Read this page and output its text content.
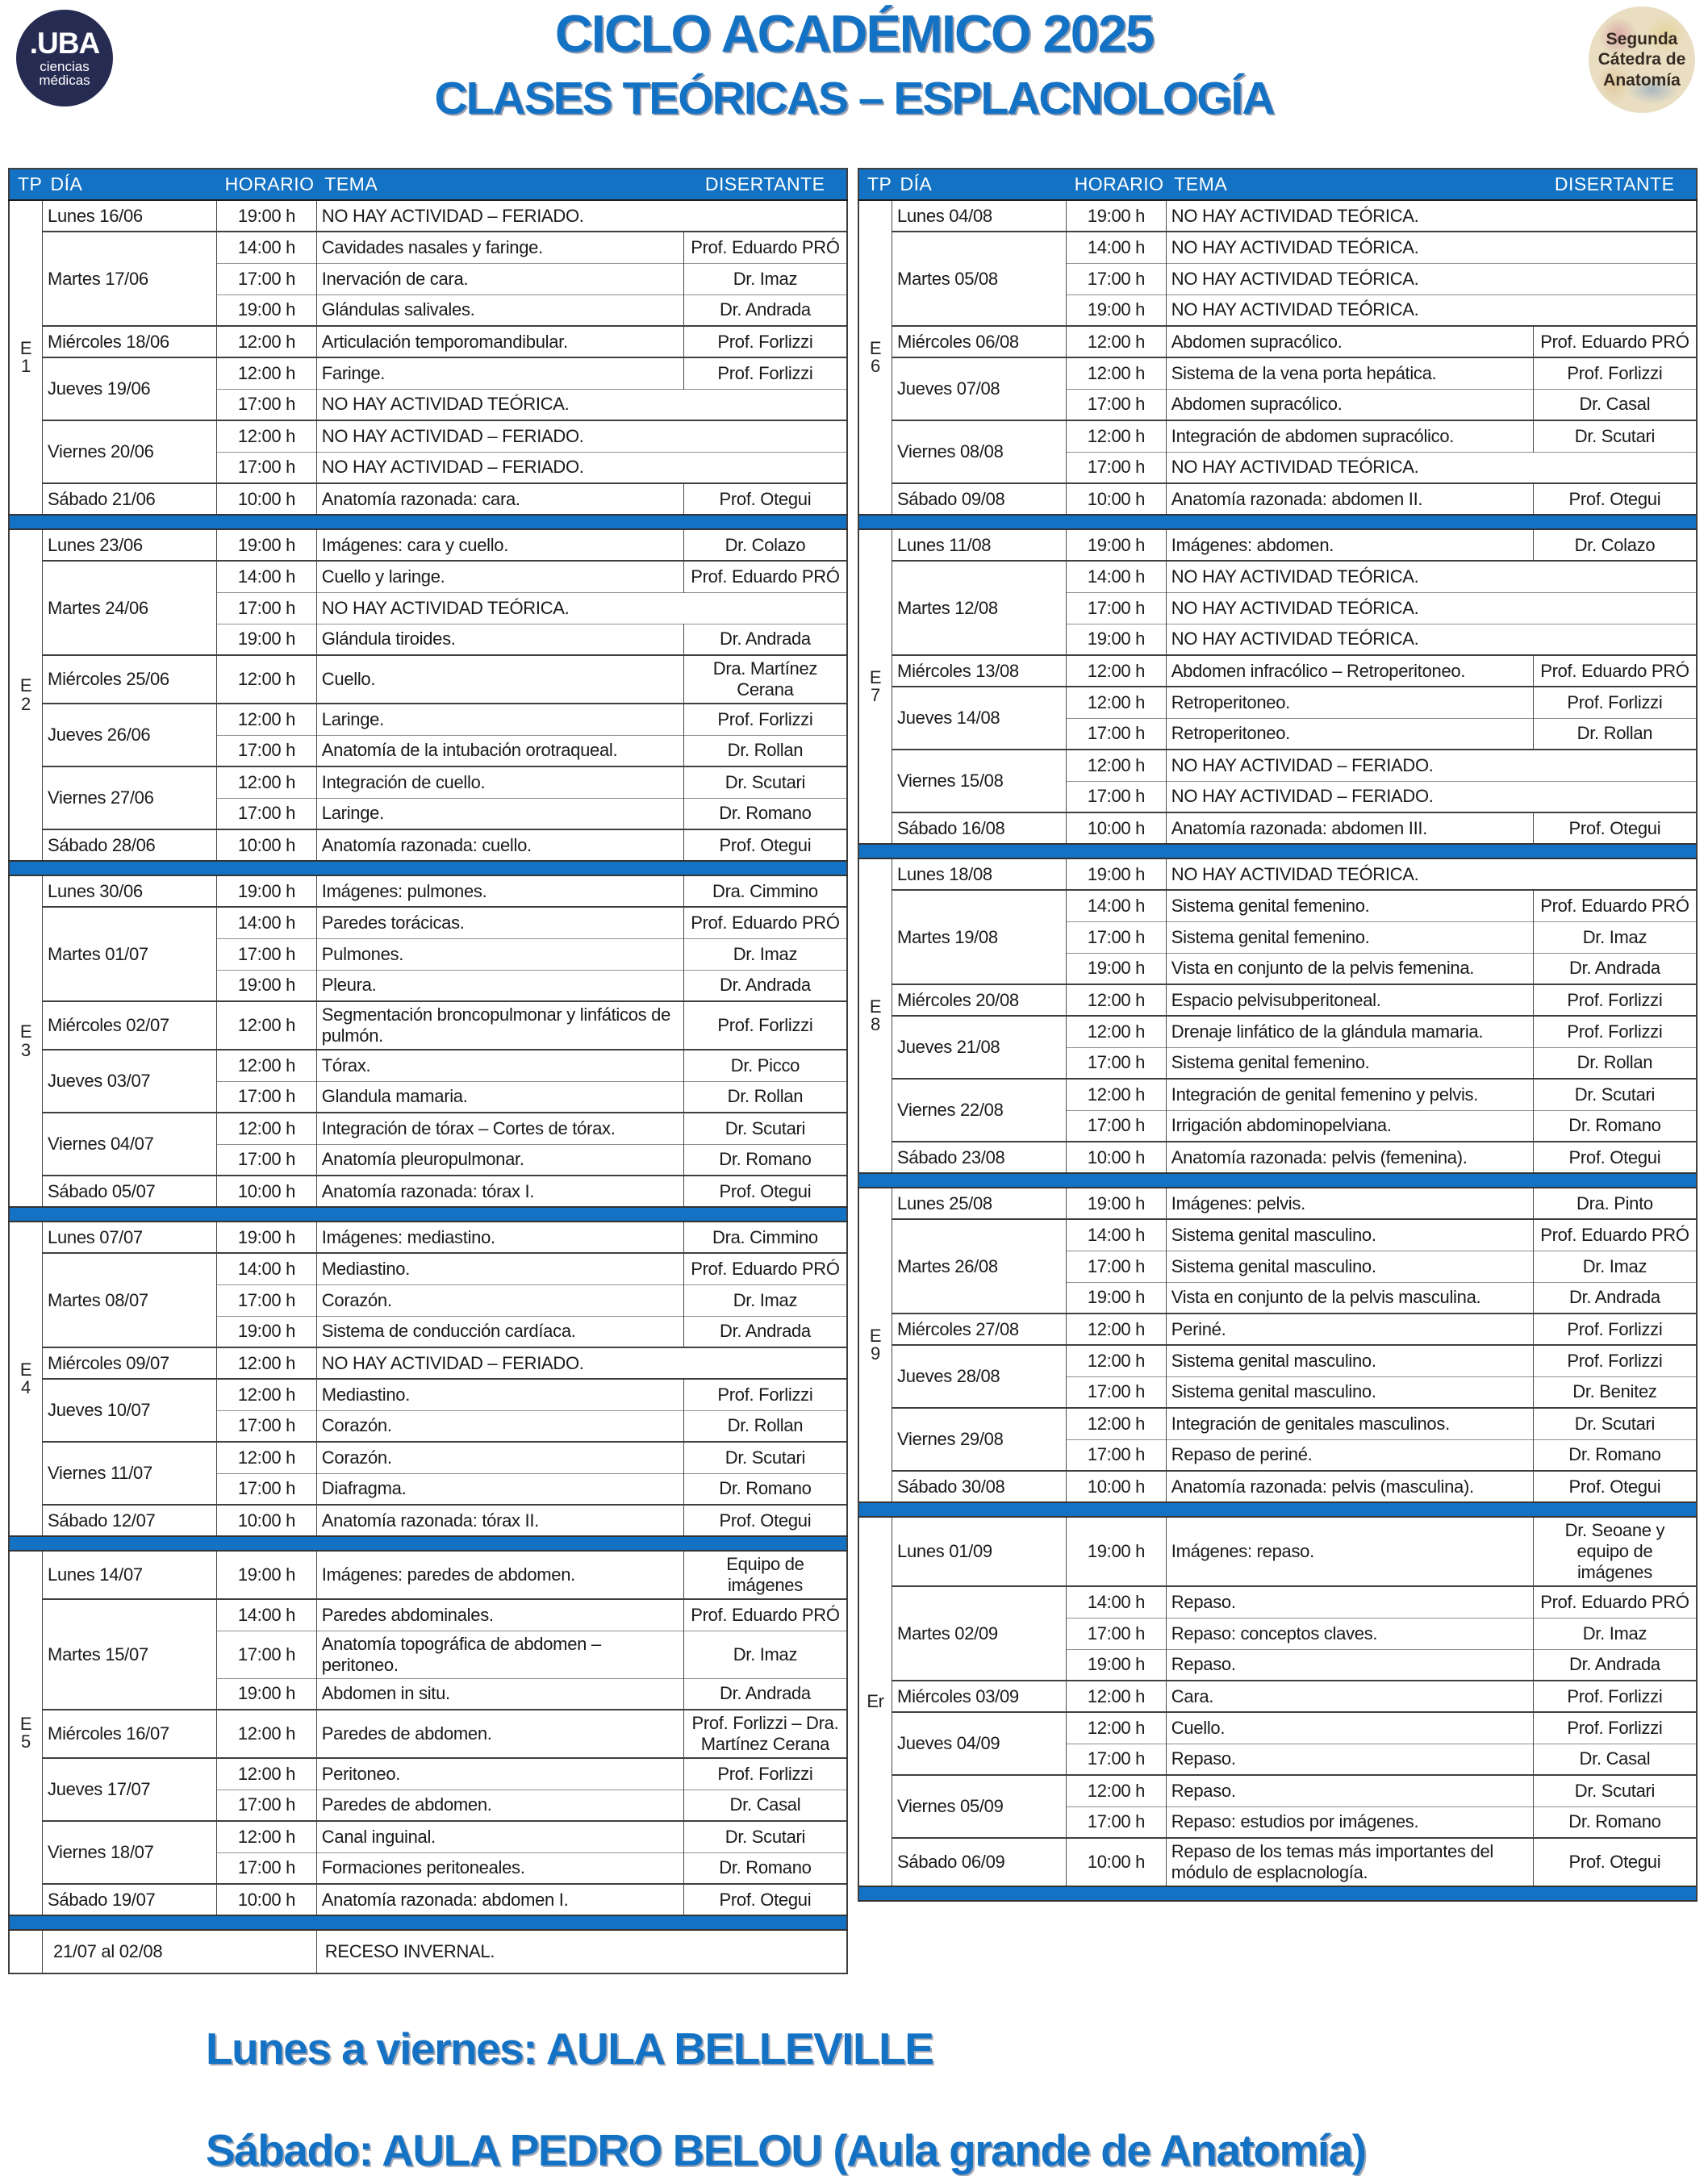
.UBA
ciencias
médicas
CICLO ACADÉMICO 2025
CLASES TEÓRICAS – ESPLACNOLOGÍA
Segunda
Cátedra de
Anatomía
TP	DÍA	HORARIO	TEMA	DISERTANTE

E
1	Lunes 16/06	19:00 h	NO HAY ACTIVIDAD – FERIADO.	
	Martes 17/06	14:00 h	Cavidades nasales y faringe.	Prof. Eduardo PRÓ
		17:00 h	Inervación de cara.	Dr. Imaz
		19:00 h	Glándulas salivales.	Dr. Andrada
	Miércoles 18/06	12:00 h	Articulación temporomandibular.	Prof. Forlizzi
	Jueves 19/06	12:00 h	Faringe.	Prof. Forlizzi
		17:00 h	NO HAY ACTIVIDAD TEÓRICA.	
	Viernes 20/06	12:00 h	NO HAY ACTIVIDAD – FERIADO.	
		17:00 h	NO HAY ACTIVIDAD – FERIADO.	
	Sábado 21/06	10:00 h	Anatomía razonada: cara.	Prof. Otegui

E
2	Lunes 23/06	19:00 h	Imágenes: cara y cuello.	Dr. Colazo
	Martes 24/06	14:00 h	Cuello y laringe.	Prof. Eduardo PRÓ
		17:00 h	NO HAY ACTIVIDAD TEÓRICA.	
		19:00 h	Glándula tiroides.	Dr. Andrada
	Miércoles 25/06	12:00 h	Cuello.	Dra. Martínez Cerana
	Jueves 26/06	12:00 h	Laringe.	Prof. Forlizzi
		17:00 h	Anatomía de la intubación orotraqueal.	Dr. Rollan
	Viernes 27/06	12:00 h	Integración de cuello.	Dr. Scutari
		17:00 h	Laringe.	Dr. Romano
	Sábado 28/06	10:00 h	Anatomía razonada: cuello.	Prof. Otegui

E
3	Lunes 30/06	19:00 h	Imágenes: pulmones.	Dra. Cimmino
	Martes 01/07	14:00 h	Paredes torácicas.	Prof. Eduardo PRÓ
		17:00 h	Pulmones.	Dr. Imaz
		19:00 h	Pleura.	Dr. Andrada
	Miércoles 02/07	12:00 h	Segmentación broncopulmonar y linfáticos de pulmón.	Prof. Forlizzi
	Jueves 03/07	12:00 h	Tórax.	Dr. Picco
		17:00 h	Glandula mamaria.	Dr. Rollan
	Viernes 04/07	12:00 h	Integración de tórax – Cortes de tórax.	Dr. Scutari
		17:00 h	Anatomía pleuropulmonar.	Dr. Romano
	Sábado 05/07	10:00 h	Anatomía razonada: tórax I.	Prof. Otegui

E
4	Lunes 07/07	19:00 h	Imágenes: mediastino.	Dra. Cimmino
	Martes 08/07	14:00 h	Mediastino.	Prof. Eduardo PRÓ
		17:00 h	Corazón.	Dr. Imaz
		19:00 h	Sistema de conducción cardíaca.	Dr. Andrada
	Miércoles 09/07	12:00 h	NO HAY ACTIVIDAD – FERIADO.	
	Jueves 10/07	12:00 h	Mediastino.	Prof. Forlizzi
		17:00 h	Corazón.	Dr. Rollan
	Viernes 11/07	12:00 h	Corazón.	Dr. Scutari
		17:00 h	Diafragma.	Dr. Romano
	Sábado 12/07	10:00 h	Anatomía razonada: tórax II.	Prof. Otegui

E
5	Lunes 14/07	19:00 h	Imágenes: paredes de abdomen.	Equipo de imágenes
	Martes 15/07	14:00 h	Paredes abdominales.	Prof. Eduardo PRÓ
		17:00 h	Anatomía topográfica de abdomen – peritoneo.	Dr. Imaz
		19:00 h	Abdomen in situ.	Dr. Andrada
	Miércoles 16/07	12:00 h	Paredes de abdomen.	Prof. Forlizzi – Dra. Martínez Cerana
	Jueves 17/07	12:00 h	Peritoneo.	Prof. Forlizzi
		17:00 h	Paredes de abdomen.	Dr. Casal
	Viernes 18/07	12:00 h	Canal inguinal.	Dr. Scutari
		17:00 h	Formaciones peritoneales.	Dr. Romano
	Sábado 19/07	10:00 h	Anatomía razonada: abdomen I.	Prof. Otegui

	21/07 al 02/08		RECESO INVERNAL.	
TP	DÍA	HORARIO	TEMA	DISERTANTE

E
6	Lunes 04/08	19:00 h	NO HAY ACTIVIDAD TEÓRICA.	
	Martes 05/08	14:00 h	NO HAY ACTIVIDAD TEÓRICA.	
		17:00 h	NO HAY ACTIVIDAD TEÓRICA.	
		19:00 h	NO HAY ACTIVIDAD TEÓRICA.	
	Miércoles 06/08	12:00 h	Abdomen supracólico.	Prof. Eduardo PRÓ
	Jueves 07/08	12:00 h	Sistema de la vena porta hepática.	Prof. Forlizzi
		17:00 h	Abdomen supracólico.	Dr. Casal
	Viernes 08/08	12:00 h	Integración de abdomen supracólico.	Dr. Scutari
		17:00 h	NO HAY ACTIVIDAD TEÓRICA.	
	Sábado 09/08	10:00 h	Anatomía razonada: abdomen II.	Prof. Otegui

E
7	Lunes 11/08	19:00 h	Imágenes: abdomen.	Dr. Colazo
	Martes 12/08	14:00 h	NO HAY ACTIVIDAD TEÓRICA.	
		17:00 h	NO HAY ACTIVIDAD TEÓRICA.	
		19:00 h	NO HAY ACTIVIDAD TEÓRICA.	
	Miércoles 13/08	12:00 h	Abdomen infracólico – Retroperitoneo.	Prof. Eduardo PRÓ
	Jueves 14/08	12:00 h	Retroperitoneo.	Prof. Forlizzi
		17:00 h	Retroperitoneo.	Dr. Rollan
	Viernes 15/08	12:00 h	NO HAY ACTIVIDAD – FERIADO.	
		17:00 h	NO HAY ACTIVIDAD – FERIADO.	
	Sábado 16/08	10:00 h	Anatomía razonada: abdomen III.	Prof. Otegui

E
8	Lunes 18/08	19:00 h	NO HAY ACTIVIDAD TEÓRICA.	
	Martes 19/08	14:00 h	Sistema genital femenino.	Prof. Eduardo PRÓ
		17:00 h	Sistema genital femenino.	Dr. Imaz
		19:00 h	Vista en conjunto de la pelvis femenina.	Dr. Andrada
	Miércoles 20/08	12:00 h	Espacio pelvisubperitoneal.	Prof. Forlizzi
	Jueves 21/08	12:00 h	Drenaje linfático de la glándula mamaria.	Prof. Forlizzi
		17:00 h	Sistema genital femenino.	Dr. Rollan
	Viernes 22/08	12:00 h	Integración de genital femenino y pelvis.	Dr. Scutari
		17:00 h	Irrigación abdominopelviana.	Dr. Romano
	Sábado 23/08	10:00 h	Anatomía razonada: pelvis (femenina).	Prof. Otegui

E
9	Lunes 25/08	19:00 h	Imágenes: pelvis.	Dra. Pinto
	Martes 26/08	14:00 h	Sistema genital masculino.	Prof. Eduardo PRÓ
		17:00 h	Sistema genital masculino.	Dr. Imaz
		19:00 h	Vista en conjunto de la pelvis masculina.	Dr. Andrada
	Miércoles 27/08	12:00 h	Periné.	Prof. Forlizzi
	Jueves 28/08	12:00 h	Sistema genital masculino.	Prof. Forlizzi
		17:00 h	Sistema genital masculino.	Dr. Benitez
	Viernes 29/08	12:00 h	Integración de genitales masculinos.	Dr. Scutari
		17:00 h	Repaso de periné.	Dr. Romano
	Sábado 30/08	10:00 h	Anatomía razonada: pelvis (masculina).	Prof. Otegui

Er	Lunes 01/09	19:00 h	Imágenes: repaso.	Dr. Seoane y equipo de imágenes
	Martes 02/09	14:00 h	Repaso.	Prof. Eduardo PRÓ
		17:00 h	Repaso: conceptos claves.	Dr. Imaz
		19:00 h	Repaso.	Dr. Andrada
	Miércoles 03/09	12:00 h	Cara.	Prof. Forlizzi
	Jueves 04/09	12:00 h	Cuello.	Prof. Forlizzi
		17:00 h	Repaso.	Dr. Casal
	Viernes 05/09	12:00 h	Repaso.	Dr. Scutari
		17:00 h	Repaso: estudios por imágenes.	Dr. Romano
	Sábado 06/09	10:00 h	Repaso de los temas más importantes del módulo de esplacnología.	Prof. Otegui

Lunes a viernes: AULA BELLEVILLE
Sábado: AULA PEDRO BELOU (Aula grande de Anatomía)
